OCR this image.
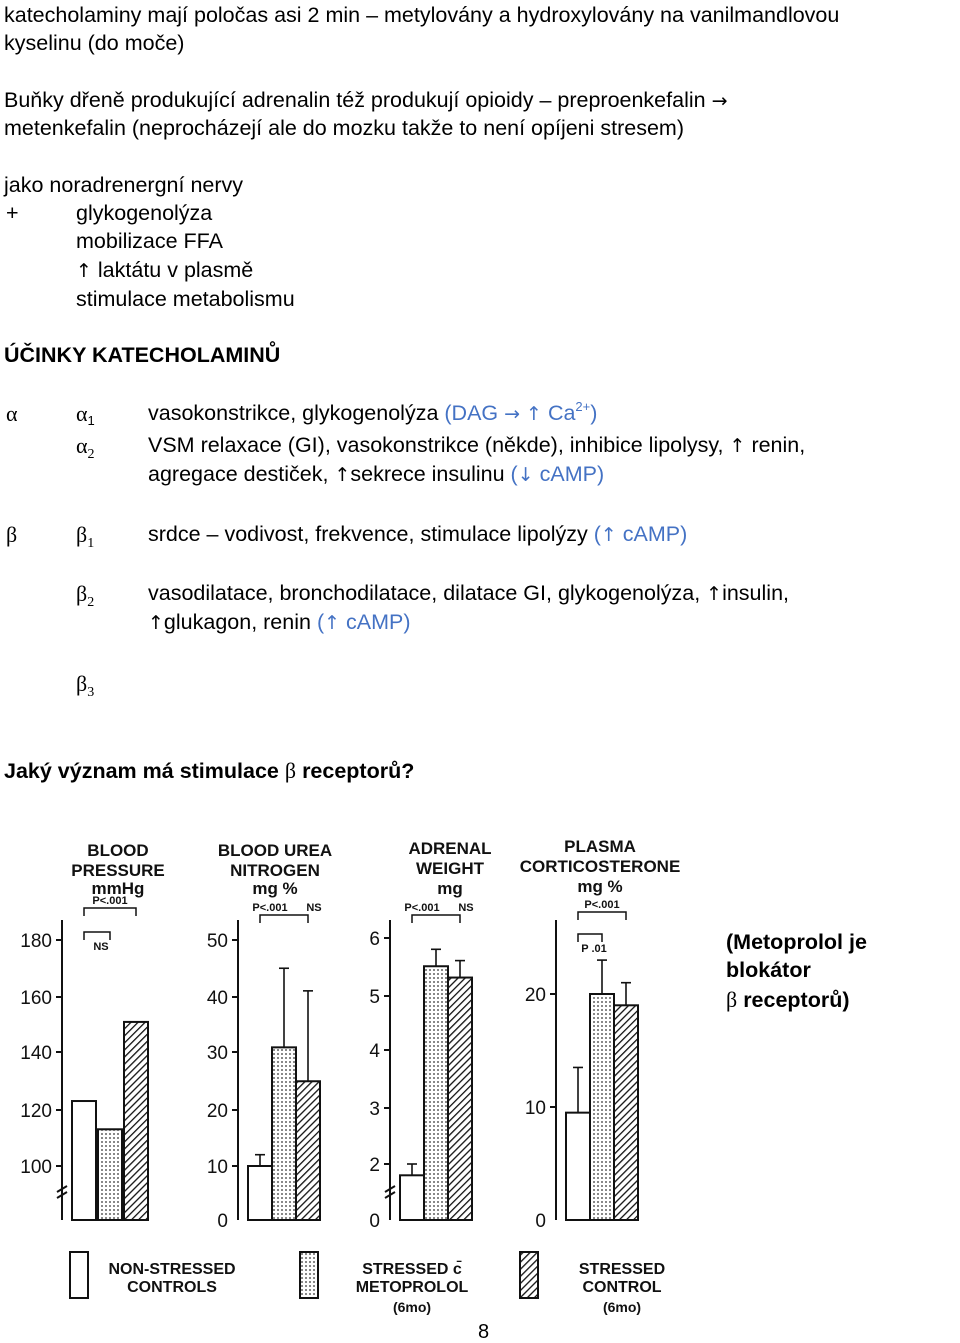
katecholaminy mají poločas asi 2 min – metylovány a hydroxylovány na vanilmandlovou
kyselinu (do moče)
Buňky dřeně produkující adrenalin též produkují opioidy – preproenkefalin →
metenkefalin (neprocházejí ale do mozku takže to není opíjeni stresem)
jako noradrenergní nervy
+	glykogenolýza
mobilizace FFA
↑ laktátu v plasmě
stimulace metabolismu
ÚČINKY KATECHOLAMINŮ
α	α1 vasokonstrikce, glykogenolýza (DAG → ↑ $Ca^{2+}$)
$\alpha_2$ VSM relaxace (GI), vasokonstrikce (někde), inhibice lipolysy, ↑ renin,
agregace destiček, ↑sekrece insulinu (↓ cAMP)
β	$\beta_1$	srdce – vodivost, frekvence, stimulace lipolýzy (↑ cAMP)
$\beta_2$	vasodilatace, bronchodilatace, dilatace GI, glykogenolýza, ↑insulin,
↑glukagon, renin (↑ cAMP)
$\beta_3$
Jaký význam má stimulace β receptorů?
(Metoprolol je
blokátor
β receptorů)
BLOOD
PRESSURE
mmHg
180
160
140
120
100
P<.001
NS
BLOOD UREA
NITROGEN
mg %
50
40
30
20
10
0
P<.001 NS
ADRENAL
WEIGHT
mg
6
5
4
3
2
0
P<.001 NS
PLASMA
CORTICOSTERONE
mg %
20
10
0
P<.001
P .01
NON-STRESSED
CONTROLS
STRESSED c̄
METOPROLOL
(6mo)
STRESSED
CONTROL
(6mo)
8
